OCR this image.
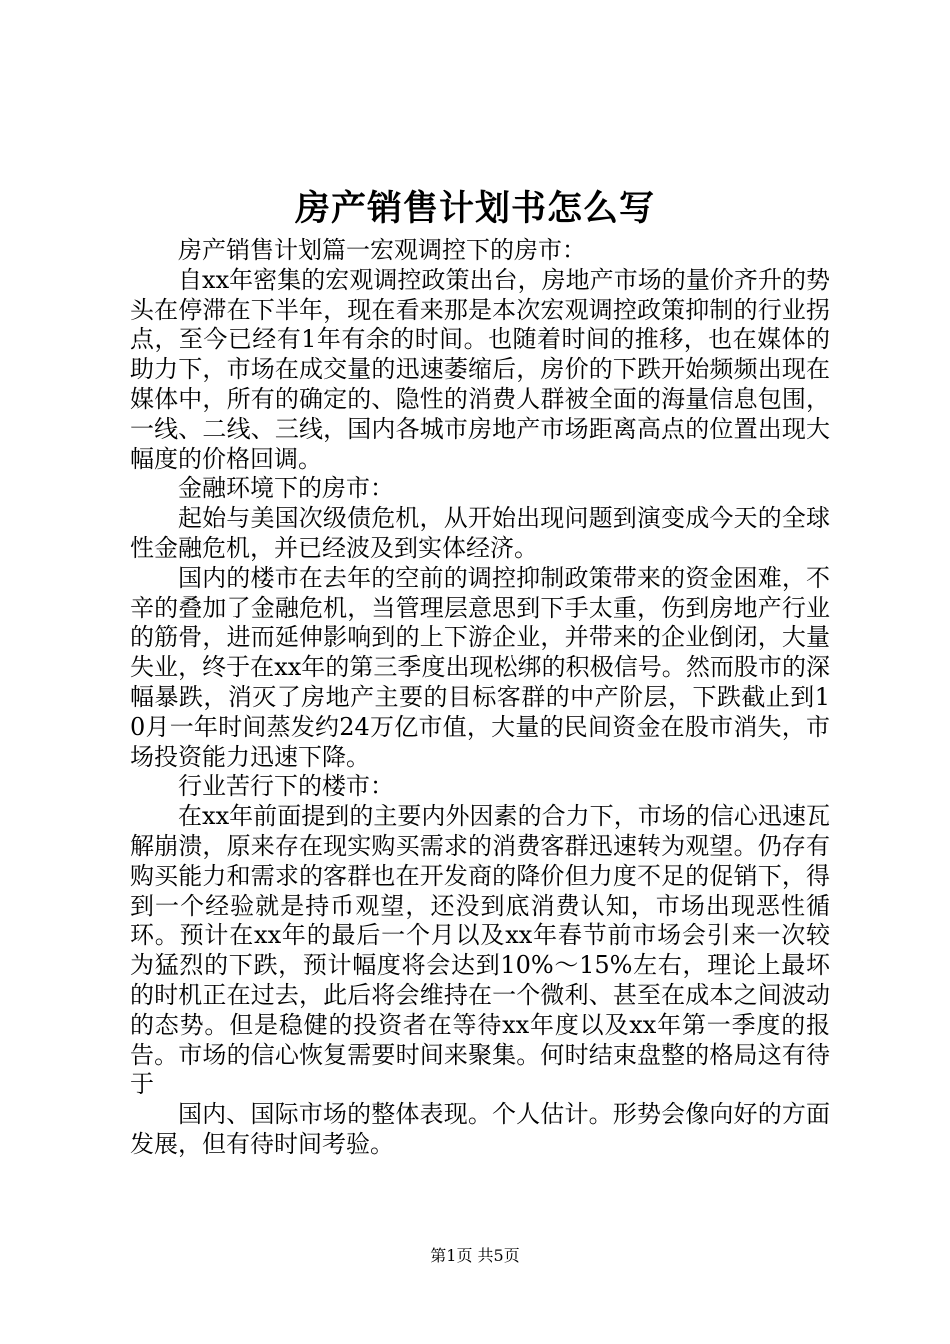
房产销售计划书怎么写

房产销售计划篇一宏观调控下的房市：

自xx年密集的宏观调控政策出台，房地产市场的量价齐升的势头在停滞在下半年，现在看来那是本次宏观调控政策抑制的行业拐点，至今已经有1年有余的时间。也随着时间的推移，也在媒体的助力下，市场在成交量的迅速萎缩后，房价的下跌开始频频出现在媒体中，所有的确定的、隐性的消费人群被全面的海量信息包围，一线、二线、三线，国内各城市房地产市场距离高点的位置出现大幅度的价格回调。

金融环境下的房市：

起始与美国次级债危机，从开始出现问题到演变成今天的全球性金融危机，并已经波及到实体经济。

国内的楼市在去年的空前的调控抑制政策带来的资金困难，不辛的叠加了金融危机，当管理层意思到下手太重，伤到房地产行业的筋骨，进而延伸影响到的上下游企业，并带来的企业倒闭，大量失业，终于在xx年的第三季度出现松绑的积极信号。然而股市的深幅暴跌，消灭了房地产主要的目标客群的中产阶层，下跌截止到10月一年时间蒸发约24万亿市值，大量的民间资金在股市消失，市场投资能力迅速下降。

行业苦行下的楼市：

在xx年前面提到的主要内外因素的合力下，市场的信心迅速瓦解崩溃，原来存在现实购买需求的消费客群迅速转为观望。仍存有购买能力和需求的客群也在开发商的降价但力度不足的促销下，得到一个经验就是持币观望，还没到底消费认知，市场出现恶性循环。预计在xx年的最后一个月以及xx年春节前市场会引来一次较为猛烈的下跌，预计幅度将会达到10%～15%左右，理论上最坏的时机正在过去，此后将会维持在一个微利、甚至在成本之间波动的态势。但是稳健的投资者在等待xx年度以及xx年第一季度的报告。市场的信心恢复需要时间来聚集。何时结束盘整的格局这有待于

国内、国际市场的整体表现。个人估计。形势会像向好的方面发展，但有待时间考验。

第1页 共5页
